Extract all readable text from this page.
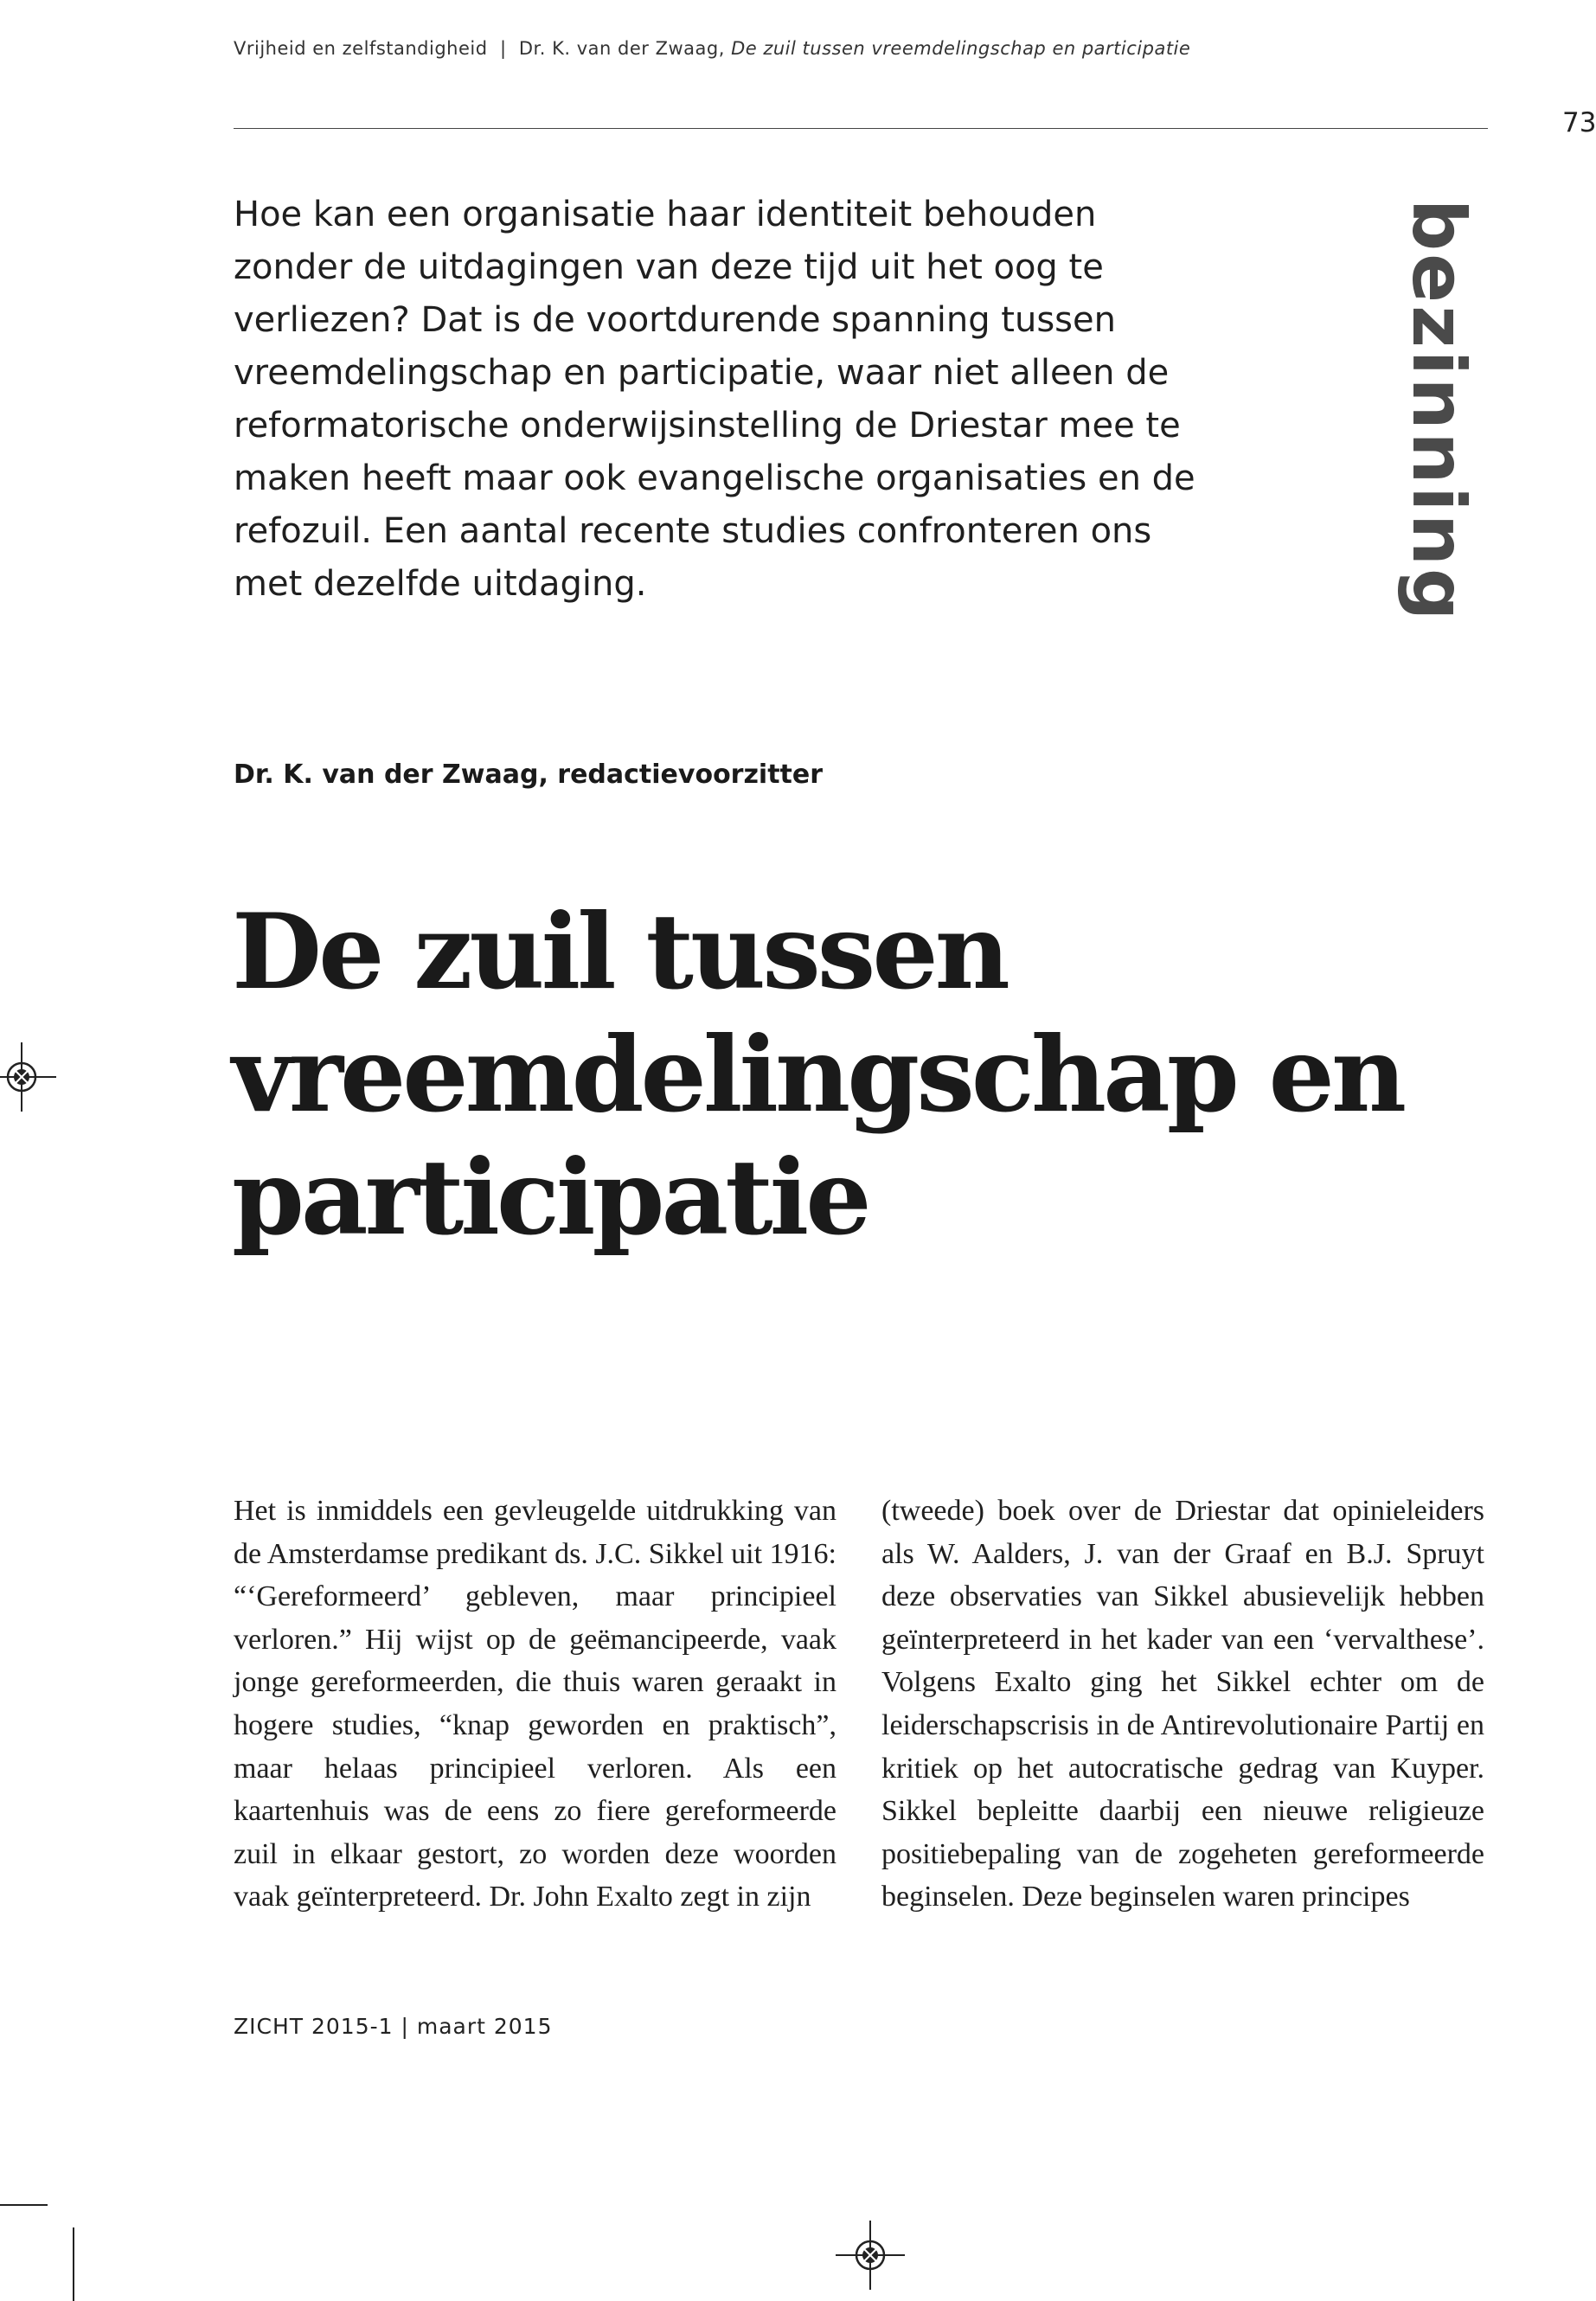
Vrijheid en zelfstandigheid | Dr. K. van der Zwaag, De zuil tussen vreemdelingschap en participatie
73

Hoe kan een organisatie haar identiteit behouden zonder de uitdagingen van deze tijd uit het oog te verliezen? Dat is de voortdurende spanning tussen vreemdelingschap en participatie, waar niet alleen de reformatorische onderwijsinstelling de Driestar mee te maken heeft maar ook evangelische organisaties en de refozuil. Een aantal recente studies confronteren ons met dezelfde uitdaging.	bezinning
Dr. K. van der Zwaag, redactievoorzitter
De zuil tussen vreemdelingschap en participatie

Het is inmiddels een gevleugelde uitdrukking van de Amsterdamse predikant ds. J.C. Sikkel uit 1916: “‘Gereformeerd’ gebleven, maar principieel verloren.” Hij wijst op de geëmancipeerde, vaak jonge gereformeerden, die thuis waren geraakt in hogere studies, “knap geworden en praktisch”, maar helaas principieel verloren. Als een kaartenhuis was de eens zo fiere gereformeerde zuil in elkaar gestort, zo worden deze woorden vaak geïnterpreteerd. Dr. John Exalto zegt in zijn

(tweede) boek over de Driestar dat opinieleiders als W. Aalders, J. van der Graaf en B.J. Spruyt deze observaties van Sikkel abusievelijk hebben geïnterpreteerd in het kader van een ‘vervalthese’. Volgens Exalto ging het Sikkel echter om de leiderschapscrisis in de Antirevolutionaire Partij en kritiek op het autocratische gedrag van Kuyper. Sikkel bepleitte daarbij een nieuwe religieuze positiebepaling van de zogeheten gereformeerde beginselen. Deze beginselen waren principes

ZICHT 2015-1 | maart 2015
